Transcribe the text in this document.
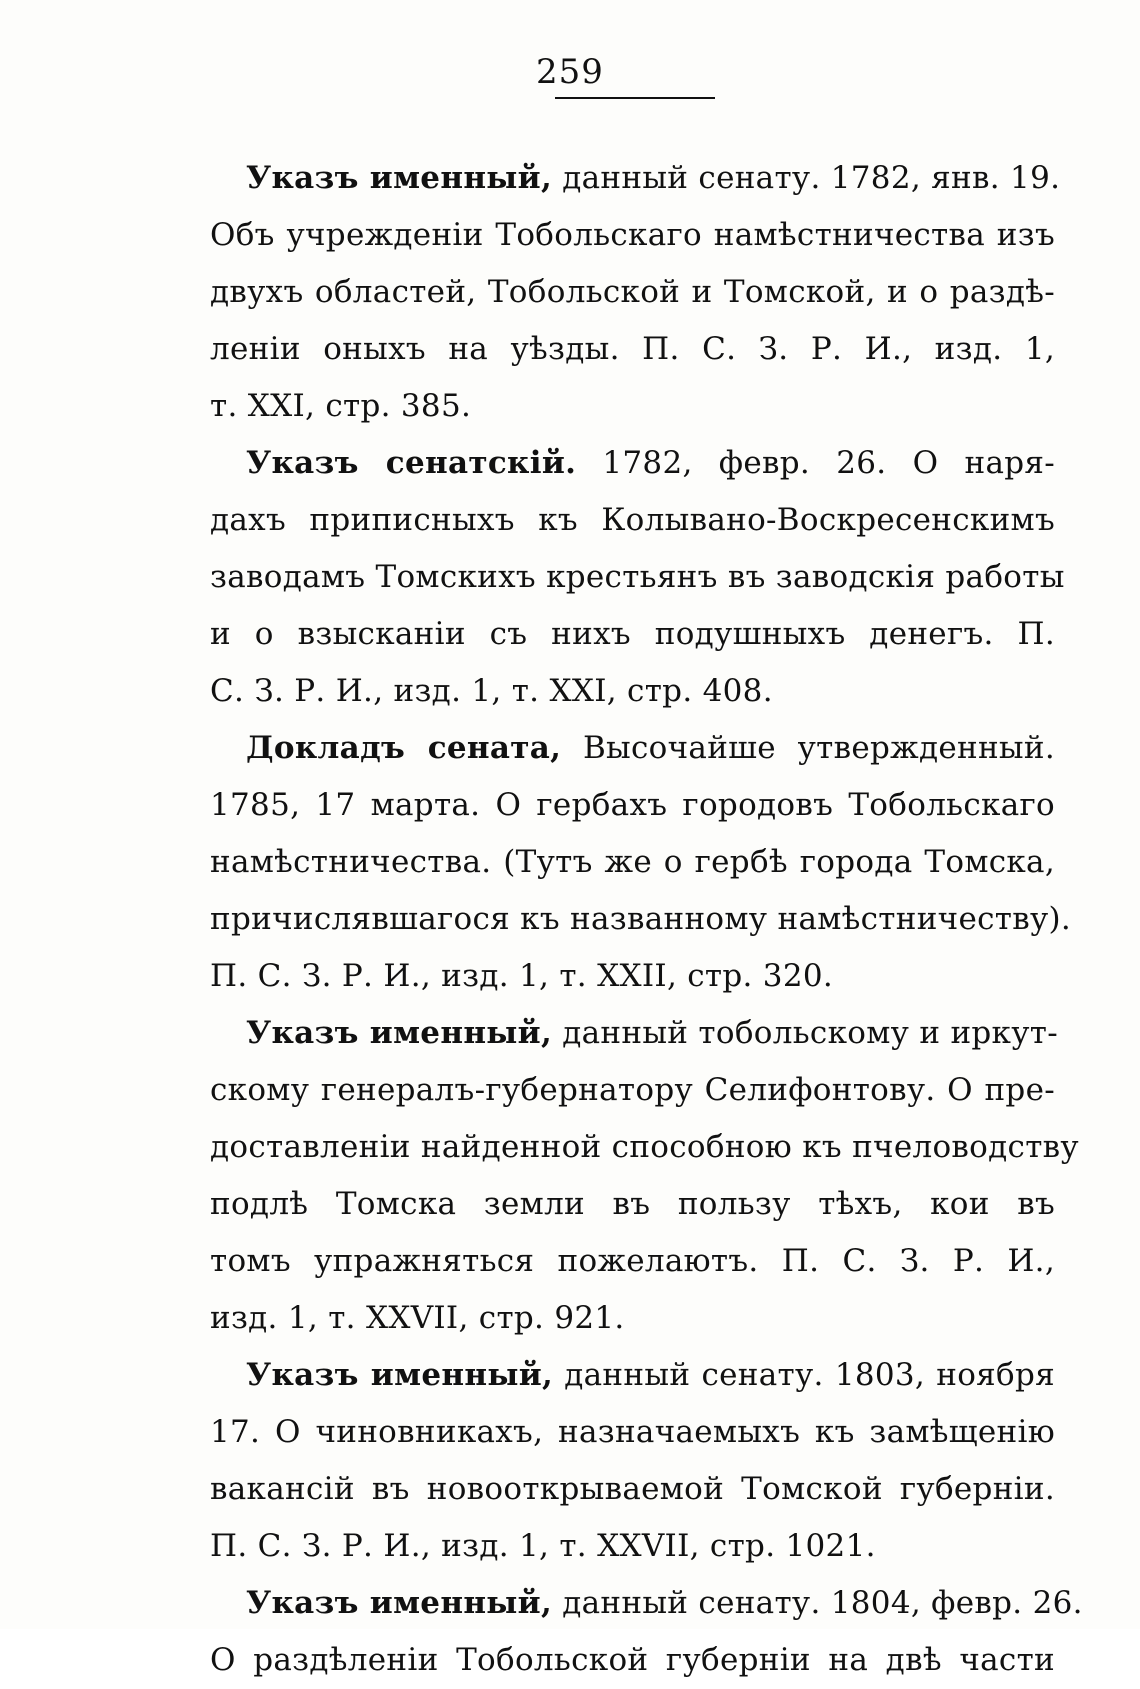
259
Указъ именный, данный сенату. 1782, янв. 19.
Объ учрежденіи Тобольскаго намѣстничества изъ
двухъ областей, Тобольской и Томской, и о раздѣ-
леніи оныхъ на уѣзды. П. С. З. Р. И., изд. 1,
т. XXI, стр. 385.
Указъ сенатскій. 1782, февр. 26. О наря-
дахъ приписныхъ къ Колывано-Воскресенскимъ
заводамъ Томскихъ крестьянъ въ заводскія работы
и о взысканіи съ нихъ подушныхъ денегъ. П.
С. З. Р. И., изд. 1, т. XXI, стр. 408.
Докладъ сената, Высочайше утвержденный.
1785, 17 марта. О гербахъ городовъ Тобольскаго
намѣстничества. (Тутъ же о гербѣ города Томска,
причислявшагося къ названному намѣстничеству).
П. С. З. Р. И., изд. 1, т. XXII, стр. 320.
Указъ именный, данный тобольскому и иркут-
скому генералъ-губернатору Селифонтову. О пре-
доставленіи найденной способною къ пчеловодству
подлѣ Томска земли въ пользу тѣхъ, кои въ
томъ упражняться пожелаютъ. П. С. З. Р. И.,
изд. 1, т. XXVII, стр. 921.
Указъ именный, данный сенату. 1803, ноября
17. О чиновникахъ, назначаемыхъ къ замѣщенію
вакансій въ новооткрываемой Томской губерніи.
П. С. З. Р. И., изд. 1, т. XXVII, стр. 1021.
Указъ именный, данный сенату. 1804, февр. 26.
О раздѣленіи Тобольской губерніи на двѣ части
